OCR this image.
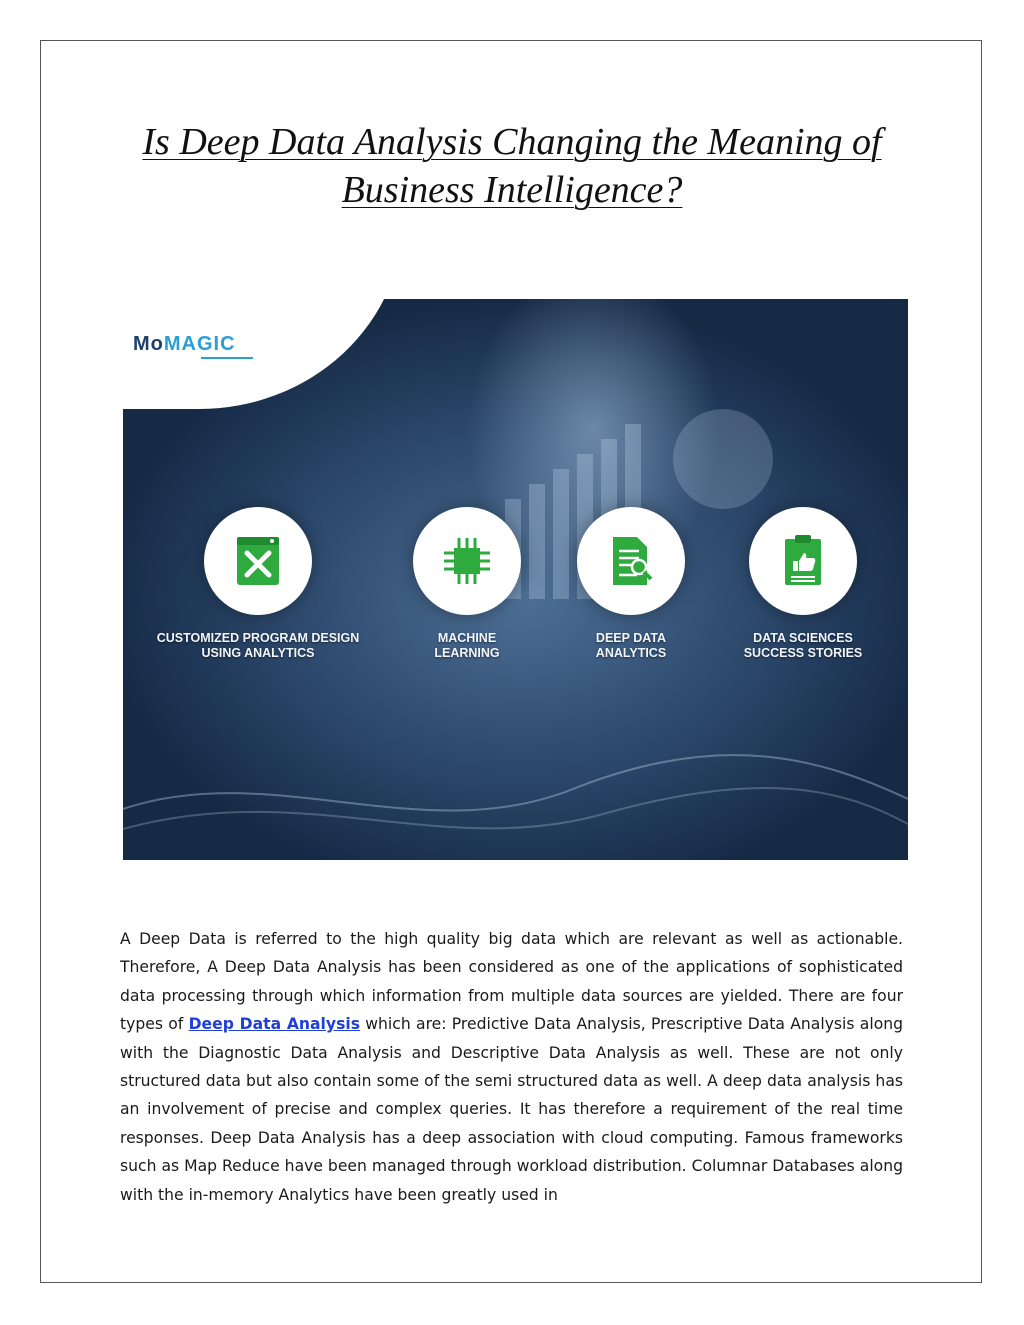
Is Deep Data Analysis Changing the Meaning of
Business Intelligence?
MoMAGIC
CUSTOMIZED PROGRAM DESIGN
USING ANALYTICS
MACHINE
LEARNING
DEEP DATA
ANALYTICS
DATA SCIENCES
SUCCESS STORIES
A Deep Data is referred to the high quality big data which are relevant as well as actionable. Therefore, A Deep Data Analysis has been considered as one of the applications of sophisticated data processing through which information from multiple data sources are yielded. There are four types of Deep Data Analysis which are: Predictive Data Analysis, Prescriptive Data Analysis along with the Diagnostic Data Analysis and Descriptive Data Analysis as well. These are not only structured data but also contain some of the semi structured data as well. A deep data analysis has an involvement of precise and complex queries. It has therefore a requirement of the real time responses. Deep Data Analysis has a deep association with cloud computing. Famous frameworks such as Map Reduce have been managed through workload distribution. Columnar Databases along with the in-memory Analytics have been greatly used in
